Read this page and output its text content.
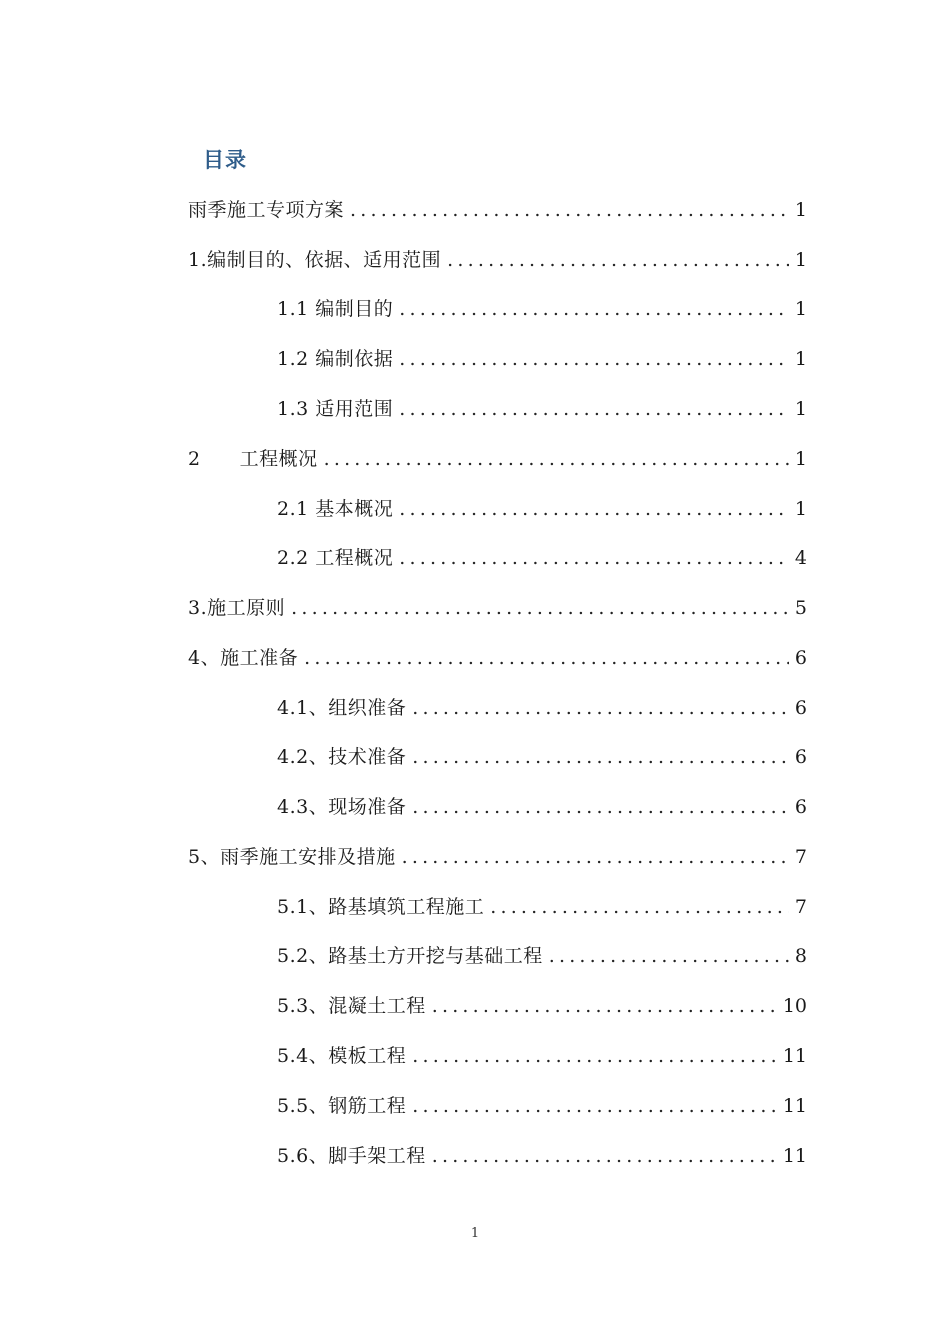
目录
雨季施工专项方案 .....	1
1.编制目的、依据、适用范围 .....	1
1.1 编制目的 .....	1
1.2 编制依据 .....	1
1.3 适用范围 .....	1
2　　工程概况 .....	1
2.1 基本概况 .....	1
2.2 工程概况 .....	4
3.施工原则 .....	5
4、施工准备 .....	6
4.1、组织准备 .....	6
4.2、技术准备 .....	6
4.3、现场准备 .....	6
5、雨季施工安排及措施 .....	7
5.1、路基填筑工程施工 .....	7
5.2、路基土方开挖与基础工程 .....	8
5.3、混凝土工程 .....	10
5.4、模板工程 .....	11
5.5、钢筋工程 .....	11
5.6、脚手架工程 .....	11
1
